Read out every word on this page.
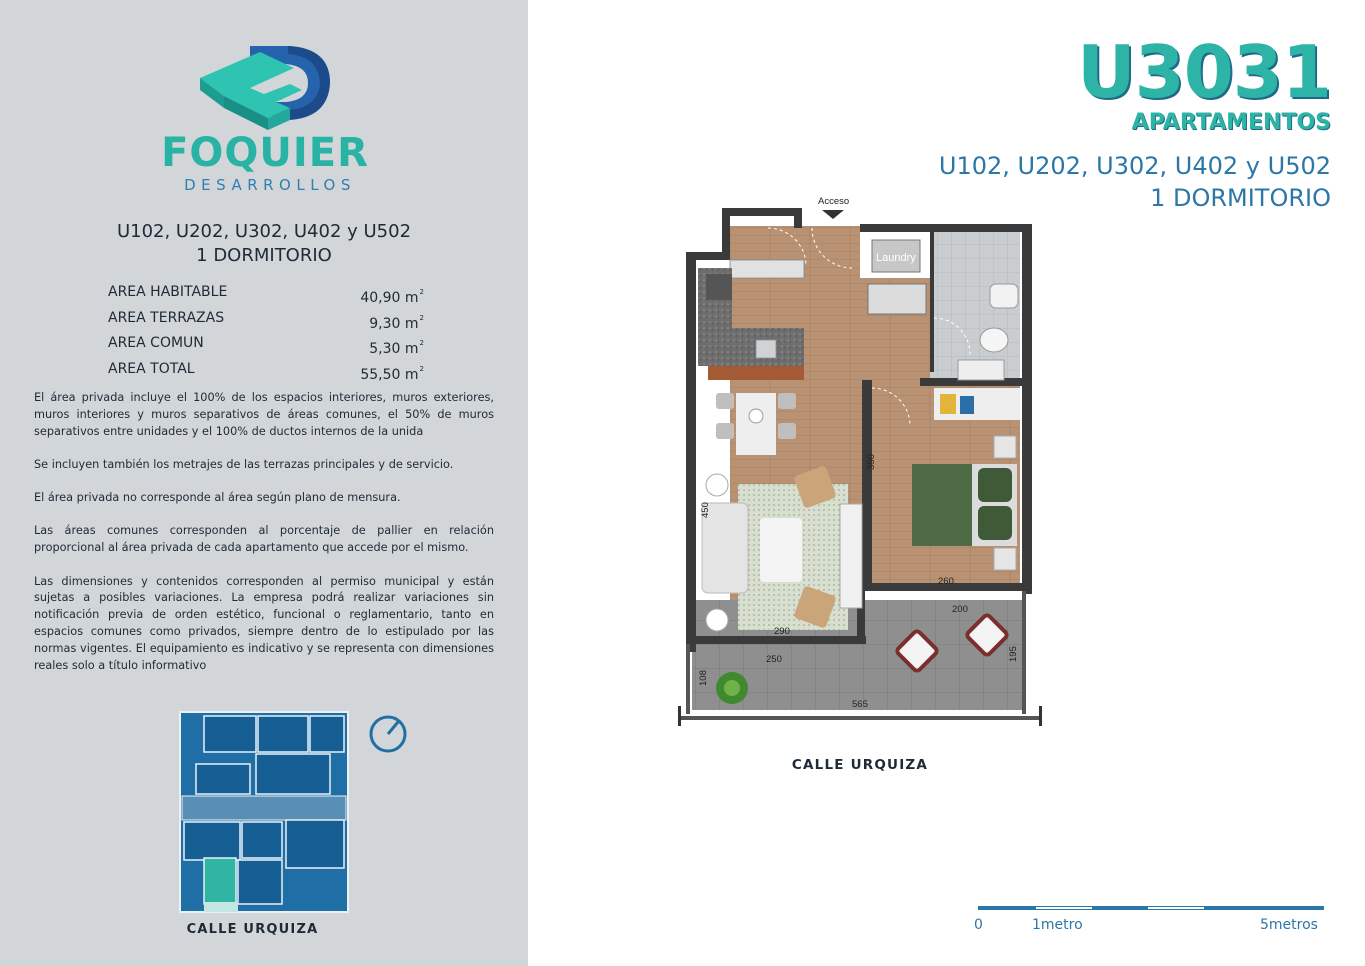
FOQUIER
DESARROLLOS
U102, U202, U302, U402 y U502
1 DORMITORIO
AREA HABITABLE	40,90 $m^2$
AREA TERRAZAS	9,30 $m^2$
AREA COMUN	5,30 $m^2$
AREA TOTAL	55,50 $m^2$

El área privada incluye el 100% de los espacios interiores, muros exteriores, muros interiores y muros separativos de áreas comunes, el 50% de muros separativos entre unidades y el 100% de ductos internos de la unida

Se incluyen también los metrajes de las terrazas principales y de servicio.

El área privada no corresponde al área según plano de mensura.

Las áreas comunes corresponden al porcentaje de pallier en relación proporcional al área privada de cada apartamento que accede por el mismo.

Las dimensiones y contenidos corresponden al permiso municipal y están sujetas a posibles variaciones. La empresa podrá realizar variaciones sin notificación previa de orden estético, funcional o reglamentario, tanto en espacios comunes como privados, siempre dentro de lo estipulado por las normas vigentes. El equipamiento es indicativo y se representa con dimensiones reales solo a título informativo

CALLE URQUIZA
U3031
APARTAMENTOS
U102, U202, U302, U402 y U502
1 DORMITORIO
Laundry
Acceso
350
450
260
200
290
250	195
108
565
CALLE URQUIZA
0	1metro	5metros
